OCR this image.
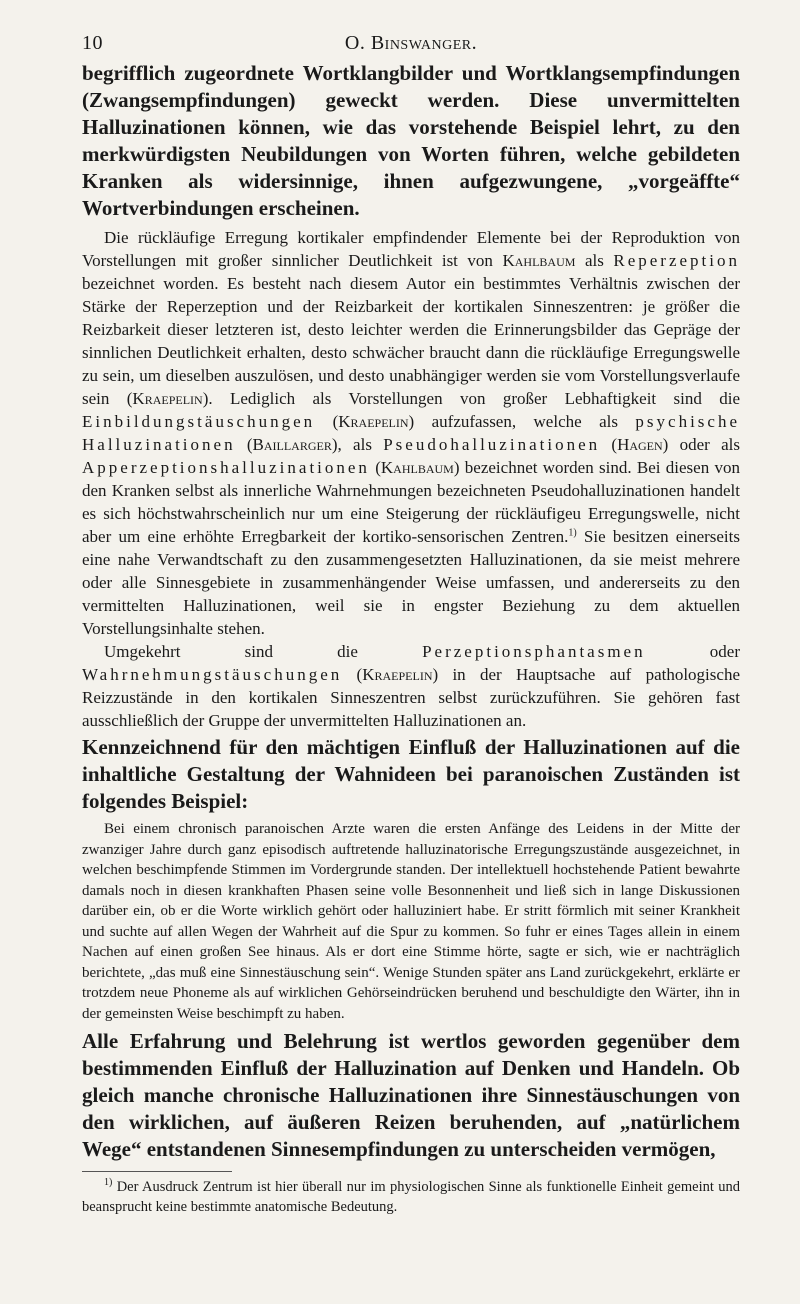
10	O. Binswanger.

begrifflich zugeordnete Wortklangbilder und Wortklangsempfindungen (Zwangsempfindungen) geweckt werden. Diese unvermittelten Halluzinationen können, wie das vorstehende Beispiel lehrt, zu den merkwürdigsten Neubildungen von Worten führen, welche gebildeten Kranken als widersinnige, ihnen aufgezwungene, „vorgeäffte“ Wortverbindungen erscheinen.

Die rückläufige Erregung kortikaler empfindender Elemente bei der Reproduktion von Vorstellungen mit großer sinnlicher Deutlichkeit ist von Kahlbaum als Reperzeption bezeichnet worden. Es besteht nach diesem Autor ein bestimmtes Verhältnis zwischen der Stärke der Reperzeption und der Reizbarkeit der kortikalen Sinneszentren: je größer die Reizbarkeit dieser letzteren ist, desto leichter werden die Erinnerungsbilder das Gepräge der sinnlichen Deutlichkeit erhalten, desto schwächer braucht dann die rückläufige Erregungswelle zu sein, um dieselben auszulösen, und desto unabhängiger werden sie vom Vorstellungsverlaufe sein (Kraepelin). Lediglich als Vorstellungen von großer Lebhaftigkeit sind die Einbildungstäuschungen (Kraepelin) aufzufassen, welche als psychische Halluzinationen (Baillarger), als Pseudohalluzinationen (Hagen) oder als Apperzeptionshalluzinationen (Kahlbaum) bezeichnet worden sind. Bei diesen von den Kranken selbst als innerliche Wahrnehmungen bezeichneten Pseudohalluzinationen handelt es sich höchstwahrscheinlich nur um eine Steigerung der rückläufigeu Erregungswelle, nicht aber um eine erhöhte Erregbarkeit der kortiko-sensorischen Zentren.$^{1)}$ Sie besitzen einerseits eine nahe Verwandtschaft zu den zusammengesetzten Halluzinationen, da sie meist mehrere oder alle Sinnesgebiete in zusammenhängender Weise umfassen, und andererseits zu den vermittelten Halluzinationen, weil sie in engster Beziehung zu dem aktuellen Vorstellungsinhalte stehen.

Umgekehrt sind die Perzeptionsphantasmen oder Wahrnehmungstäuschungen (Kraepelin) in der Hauptsache auf pathologische Reizzustände in den kortikalen Sinneszentren selbst zurückzuführen. Sie gehören fast ausschließlich der Gruppe der unvermittelten Halluzinationen an.

Kennzeichnend für den mächtigen Einfluß der Halluzinationen auf die inhaltliche Gestaltung der Wahnideen bei paranoischen Zuständen ist folgendes Beispiel:

Bei einem chronisch paranoischen Arzte waren die ersten Anfänge des Leidens in der Mitte der zwanziger Jahre durch ganz episodisch auftretende halluzinatorische Erregungszustände ausgezeichnet, in welchen beschimpfende Stimmen im Vordergrunde standen. Der intellektuell hochstehende Patient bewahrte damals noch in diesen krankhaften Phasen seine volle Besonnenheit und ließ sich in lange Diskussionen darüber ein, ob er die Worte wirklich gehört oder halluziniert habe. Er stritt förmlich mit seiner Krankheit und suchte auf allen Wegen der Wahrheit auf die Spur zu kommen. So fuhr er eines Tages allein in einem Nachen auf einen großen See hinaus. Als er dort eine Stimme hörte, sagte er sich, wie er nachträglich berichtete, „das muß eine Sinnestäuschung sein“. Wenige Stunden später ans Land zurückgekehrt, erklärte er trotzdem neue Phoneme als auf wirklichen Gehörseindrücken beruhend und beschuldigte den Wärter, ihn in der gemeinsten Weise beschimpft zu haben.

Alle Erfahrung und Belehrung ist wertlos geworden gegenüber dem bestimmenden Einfluß der Halluzination auf Denken und Handeln. Ob gleich manche chronische Halluzinationen ihre Sinnestäuschungen von den wirklichen, auf äußeren Reizen beruhenden, auf „natürlichem Wege“ entstandenen Sinnesempfindungen zu unterscheiden vermögen,

$^{1)}$ Der Ausdruck Zentrum ist hier überall nur im physiologischen Sinne als funktionelle Einheit gemeint und beansprucht keine bestimmte anatomische Bedeutung.
